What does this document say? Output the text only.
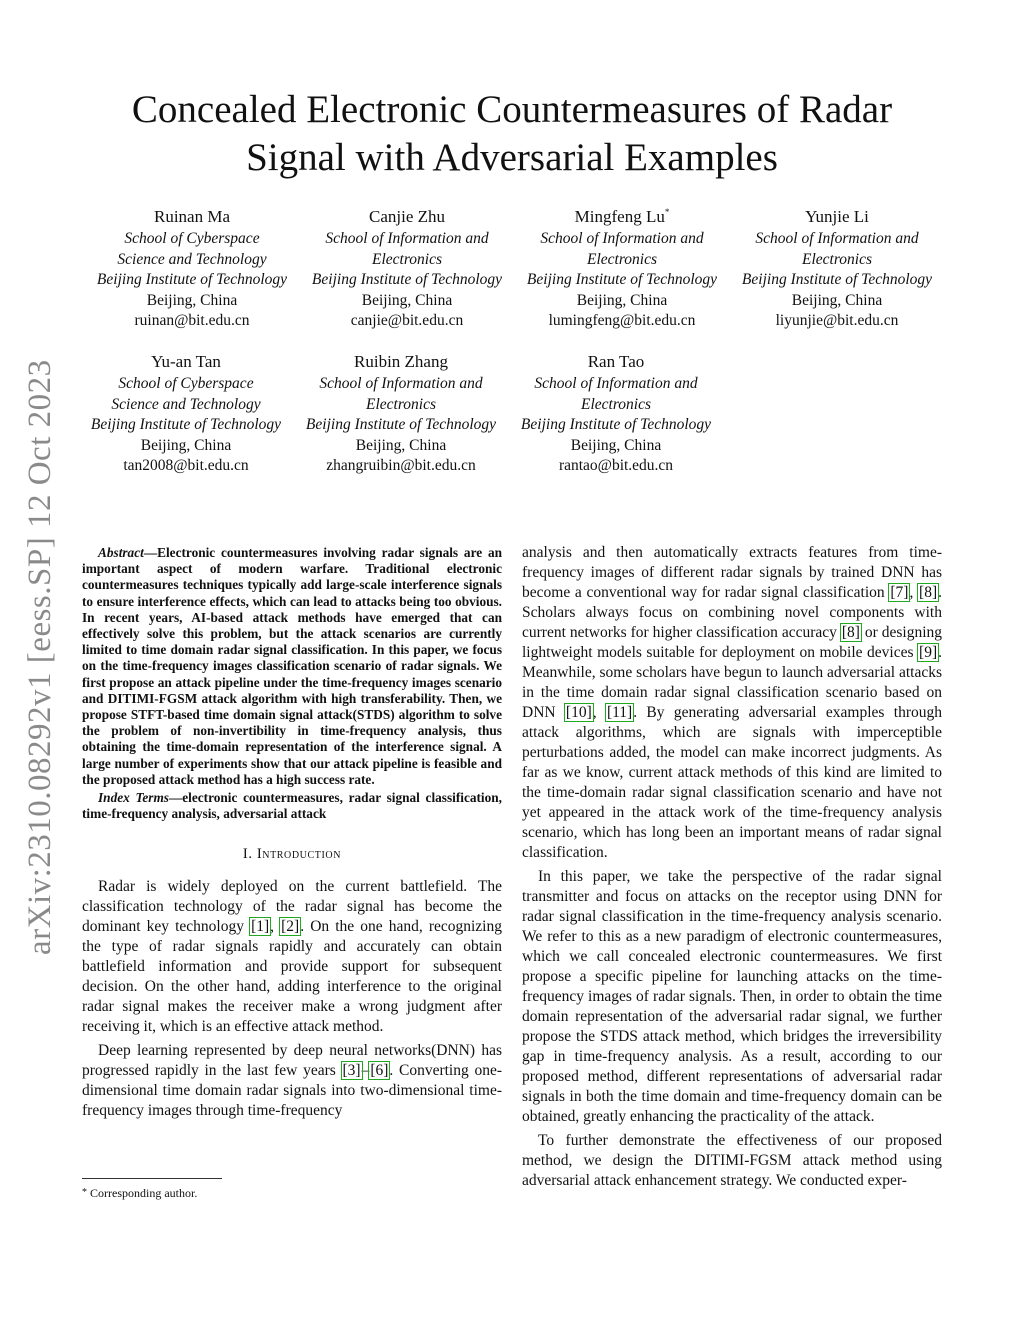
arXiv:2310.08292v1 [eess.SP] 12 Oct 2023
Concealed Electronic Countermeasures of Radar Signal with Adversarial Examples
Ruinan Ma
School of Cyberspace
Science and Technology
Beijing Institute of Technology
Beijing, China
ruinan@bit.edu.cn
Canjie Zhu
School of Information and
Electronics
Beijing Institute of Technology
Beijing, China
canjie@bit.edu.cn
Mingfeng Lu*
School of Information and
Electronics
Beijing Institute of Technology
Beijing, China
lumingfeng@bit.edu.cn
Yunjie Li
School of Information and
Electronics
Beijing Institute of Technology
Beijing, China
liyunjie@bit.edu.cn
Yu-an Tan
School of Cyberspace
Science and Technology
Beijing Institute of Technology
Beijing, China
tan2008@bit.edu.cn
Ruibin Zhang
School of Information and
Electronics
Beijing Institute of Technology
Beijing, China
zhangruibin@bit.edu.cn
Ran Tao
School of Information and
Electronics
Beijing Institute of Technology
Beijing, China
rantao@bit.edu.cn

Abstract—Electronic countermeasures involving radar signals are an important aspect of modern warfare. Traditional electronic countermeasures techniques typically add large-scale interference signals to ensure interference effects, which can lead to attacks being too obvious. In recent years, AI-based attack methods have emerged that can effectively solve this problem, but the attack scenarios are currently limited to time domain radar signal classification. In this paper, we focus on the time-frequency images classification scenario of radar signals. We first propose an attack pipeline under the time-frequency images scenario and DITIMI-FGSM attack algorithm with high transferability. Then, we propose STFT-based time domain signal attack(STDS) algorithm to solve the problem of non-invertibility in time-frequency analysis, thus obtaining the time-domain representation of the interference signal. A large number of experiments show that our attack pipeline is feasible and the proposed attack method has a high success rate.

Index Terms—electronic countermeasures, radar signal classification, time-frequency analysis, adversarial attack

I. Introduction

Radar is widely deployed on the current battlefield. The classification technology of the radar signal has become the dominant key technology [1], [2]. On the one hand, recognizing the type of radar signals rapidly and accurately can obtain battlefield information and provide support for subsequent decision. On the other hand, adding interference to the original radar signal makes the receiver make a wrong judgment after receiving it, which is an effective attack method.

Deep learning represented by deep neural networks(DNN) has progressed rapidly in the last few years [3]–[6]. Converting one-dimensional time domain radar signals into two-dimensional time-frequency images through time-frequency

* Corresponding author.

analysis and then automatically extracts features from time-frequency images of different radar signals by trained DNN has become a conventional way for radar signal classification [7], [8]. Scholars always focus on combining novel components with current networks for higher classification accuracy [8] or designing lightweight models suitable for deployment on mobile devices [9]. Meanwhile, some scholars have begun to launch adversarial attacks in the time domain radar signal classification scenario based on DNN [10], [11]. By generating adversarial examples through attack algorithms, which are signals with imperceptible perturbations added, the model can make incorrect judgments. As far as we know, current attack methods of this kind are limited to the time-domain radar signal classification scenario and have not yet appeared in the attack work of the time-frequency analysis scenario, which has long been an important means of radar signal classification.

In this paper, we take the perspective of the radar signal transmitter and focus on attacks on the receptor using DNN for radar signal classification in the time-frequency analysis scenario. We refer to this as a new paradigm of electronic countermeasures, which we call concealed electronic countermeasures. We first propose a specific pipeline for launching attacks on the time-frequency images of radar signals. Then, in order to obtain the time domain representation of the adversarial radar signal, we further propose the STDS attack method, which bridges the irreversibility gap in time-frequency analysis. As a result, according to our proposed method, different representations of adversarial radar signals in both the time domain and time-frequency domain can be obtained, greatly enhancing the practicality of the attack.

To further demonstrate the effectiveness of our proposed method, we design the DITIMI-FGSM attack method using adversarial attack enhancement strategy. We conducted exper-
